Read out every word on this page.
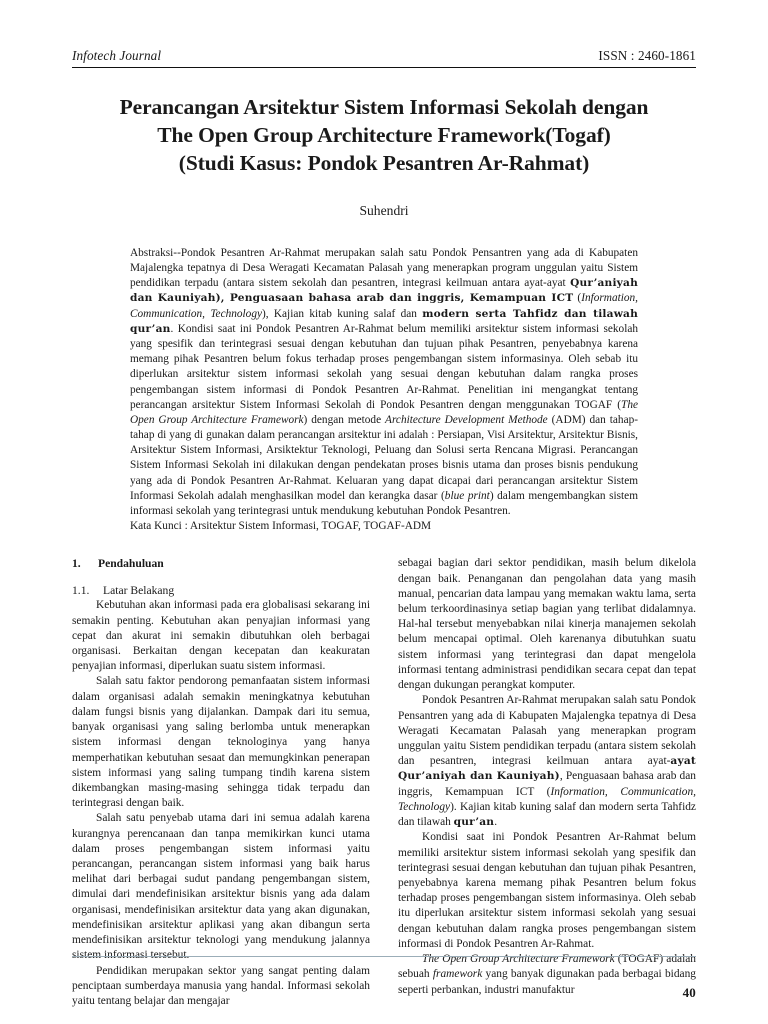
Infotech Journal	ISSN : 2460-1861
Perancangan Arsitektur Sistem Informasi Sekolah dengan
The Open Group Architecture Framework(Togaf)
(Studi Kasus: Pondok Pesantren Ar-Rahmat)
Suhendri

Abstraksi--Pondok Pesantren Ar-Rahmat merupakan salah satu Pondok Pensantren yang ada di Kabupaten Majalengka tepatnya di Desa Weragati Kecamatan Palasah yang menerapkan program unggulan yaitu Sistem pendidikan terpadu (antara sistem sekolah dan pesantren, integrasi keilmuan antara ayat-ayat Qur’aniyah dan Kauniyah), Penguasaan bahasa arab dan inggris, Kemampuan ICT (Information, Communication, Technology), Kajian kitab kuning salaf dan modern serta Tahfidz dan tilawah qur’an. Kondisi saat ini Pondok Pesantren Ar-Rahmat belum memiliki arsitektur sistem informasi sekolah yang spesifik dan terintegrasi sesuai dengan kebutuhan dan tujuan pihak Pesantren, penyebabnya karena memang pihak Pesantren belum fokus terhadap proses pengembangan sistem informasinya. Oleh sebab itu diperlukan arsitektur sistem informasi sekolah yang sesuai dengan kebutuhan dalam rangka proses pengembangan sistem informasi di Pondok Pesantren Ar-Rahmat. Penelitian ini mengangkat tentang perancangan arsitektur Sistem Informasi Sekolah di Pondok Pesantren dengan menggunakan TOGAF (The Open Group Architecture Framework) dengan metode Architecture Development Methode (ADM) dan tahap-tahap di yang di gunakan dalam perancangan arsitektur ini adalah : Persiapan, Visi Arsitektur, Arsitektur Bisnis, Arsitektur Sistem Informasi, Arsiktektur Teknologi, Peluang dan Solusi serta Rencana Migrasi. Perancangan Sistem Informasi Sekolah ini dilakukan dengan pendekatan proses bisnis utama dan proses bisnis pendukung yang ada di Pondok Pesantren Ar-Rahmat. Keluaran yang dapat dicapai dari perancangan arsitektur Sistem Informasi Sekolah adalah menghasilkan model dan kerangka dasar (blue print) dalam mengembangkan sistem informasi sekolah yang terintegrasi untuk mendukung kebutuhan Pondok Pesantren.

Kata Kunci : Arsitektur Sistem Informasi, TOGAF, TOGAF-ADM

1.	Pendahuluan
1.1.	Latar Belakang

Kebutuhan akan informasi pada era globalisasi sekarang ini semakin penting. Kebutuhan akan penyajian informasi yang cepat dan akurat ini semakin dibutuhkan oleh berbagai organisasi. Berkaitan dengan kecepatan dan keakuratan penyajian informasi, diperlukan suatu sistem informasi.

Salah satu faktor pendorong pemanfaatan sistem informasi dalam organisasi adalah semakin meningkatnya kebutuhan dalam fungsi bisnis yang dijalankan. Dampak dari itu semua, banyak organisasi yang saling berlomba untuk menerapkan sistem informasi dengan teknologinya yang hanya memperhatikan kebutuhan sesaat dan memungkinkan penerapan sistem informasi yang saling tumpang tindih karena sistem dikembangkan masing-masing sehingga tidak terpadu dan terintegrasi dengan baik.

Salah satu penyebab utama dari ini semua adalah karena kurangnya perencanaan dan tanpa memikirkan kunci utama dalam proses pengembangan sistem informasi yaitu perancangan, perancangan sistem informasi yang baik harus melihat dari berbagai sudut pandang pengembangan sistem, dimulai dari mendefinisikan arsitektur bisnis yang ada dalam organisasi, mendefinisikan arsitektur data yang akan digunakan, mendefinisikan arsitektur aplikasi yang akan dibangun serta mendefinisikan arsitektur teknologi yang mendukung jalannya sistem informasi tersebut.

Pendidikan merupakan sektor yang sangat penting dalam penciptaan sumberdaya manusia yang handal. Informasi sekolah yaitu tentang belajar dan mengajar

sebagai bagian dari sektor pendidikan, masih belum dikelola dengan baik. Penanganan dan pengolahan data yang masih manual, pencarian data lampau yang memakan waktu lama, serta belum terkoordinasinya setiap bagian yang terlibat didalamnya. Hal-hal tersebut menyebabkan nilai kinerja manajemen sekolah belum mencapai optimal. Oleh karenanya dibutuhkan suatu sistem informasi yang terintegrasi dan dapat mengelola informasi tentang administrasi pendidikan secara cepat dan tepat dengan dukungan perangkat komputer.

Pondok Pesantren Ar-Rahmat merupakan salah satu Pondok Pensantren yang ada di Kabupaten Majalengka tepatnya di Desa Weragati Kecamatan Palasah yang menerapkan program unggulan yaitu Sistem pendidikan terpadu (antara sistem sekolah dan pesantren, integrasi keilmuan antara ayat-ayat Qur’aniyah dan Kauniyah), Penguasaan bahasa arab dan inggris, Kemampuan ICT (Information, Communication, Technology). Kajian kitab kuning salaf dan modern serta Tahfidz dan tilawah qur’an.

Kondisi saat ini Pondok Pesantren Ar-Rahmat belum memiliki arsitektur sistem informasi sekolah yang spesifik dan terintegrasi sesuai dengan kebutuhan dan tujuan pihak Pesantren, penyebabnya karena memang pihak Pesantren belum fokus terhadap proses pengembangan sistem informasinya. Oleh sebab itu diperlukan arsitektur sistem informasi sekolah yang sesuai dengan kebutuhan dalam rangka proses pengembangan sistem informasi di Pondok Pesantren Ar-Rahmat.

The Open Group Architecture Framework (TOGAF) adalah sebuah framework yang banyak digunakan pada berbagai bidang seperti perbankan, industri manufaktur	40
